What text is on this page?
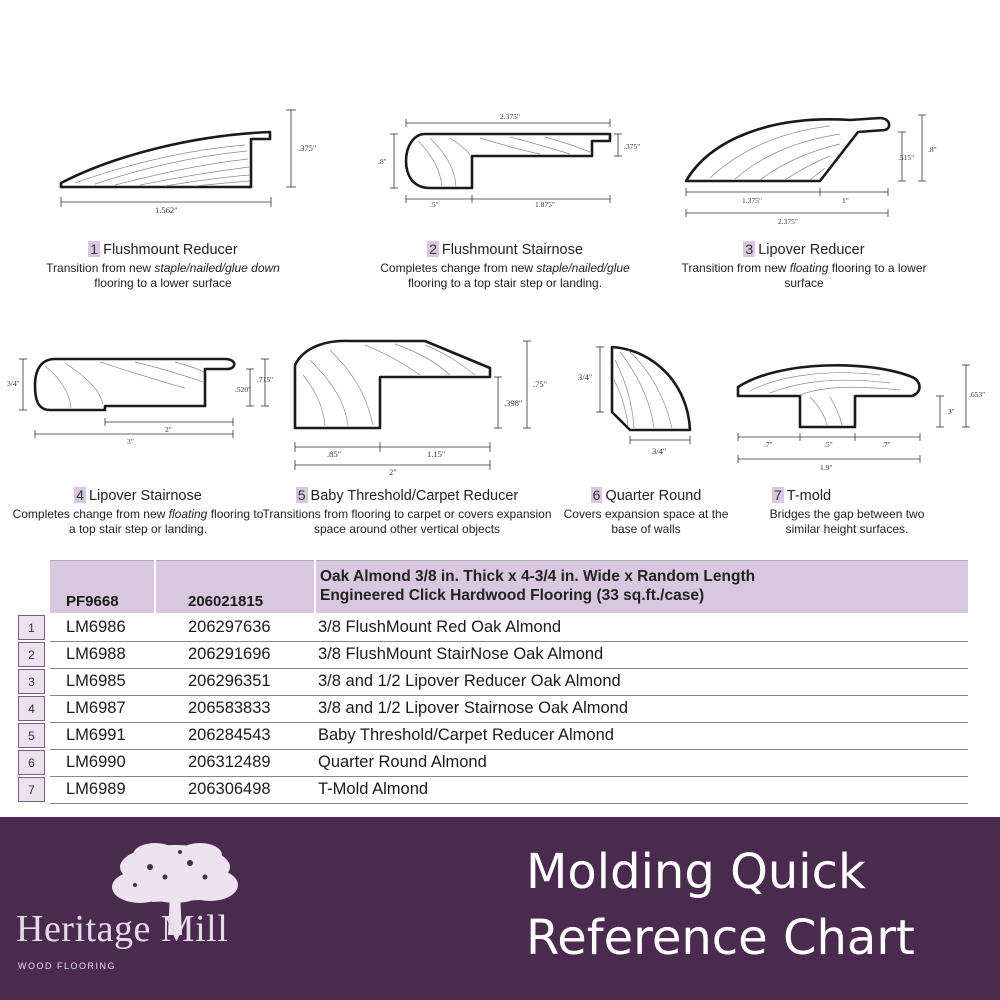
1.562"
.375"
1 Flushmount Reducer
Transition from new staple/nailed/glue down flooring to a lower surface
2.375"
.375"
.8"
.5"	1.875"
2 Flushmount Stairnose
Completes change from new staple/nailed/glue flooring to a top stair step or landing.
1.375"	1"
2.375"
.515"
.8"
3 Lipover Reducer
Transition from new floating flooring to a lower surface
3/4"
.520"
.715"
2"
3"
4 Lipover Stairnose
Completes change from new floating flooring to a top stair step or landing.
.85"	1.15"
2"
.398"
.75"
5 Baby Threshold/Carpet Reducer
Transitions from flooring to carpet or covers expansion space around other vertical objects
3/4"
3/4"
6 Quarter Round
Covers expansion space at the base of walls
.7"	.5"	.7"
1.9"
.3"
.653"
7 T-mold
Bridges the gap between two similar height surfaces.
PF9668	206021815
Oak Almond 3/8 in. Thick x 4-3/4 in. Wide x Random Length
Engineered Click Hardwood Flooring (33 sq.ft./case)
1	LM6986	206297636	3/8 FlushMount Red Oak Almond
2	LM6988	206291696	3/8 FlushMount StairNose Oak Almond
3	LM6985	206296351	3/8 and 1/2 Lipover Reducer Oak Almond
4	LM6987	206583833	3/8 and 1/2 Lipover Stairnose Oak Almond
5	LM6991	206284543	Baby Threshold/Carpet Reducer Almond
6	LM6990	206312489	Quarter Round Almond
7	LM6989	206306498	T-Mold Almond
Heritage Mill
WOOD FLOORING
Molding Quick
Reference Chart
